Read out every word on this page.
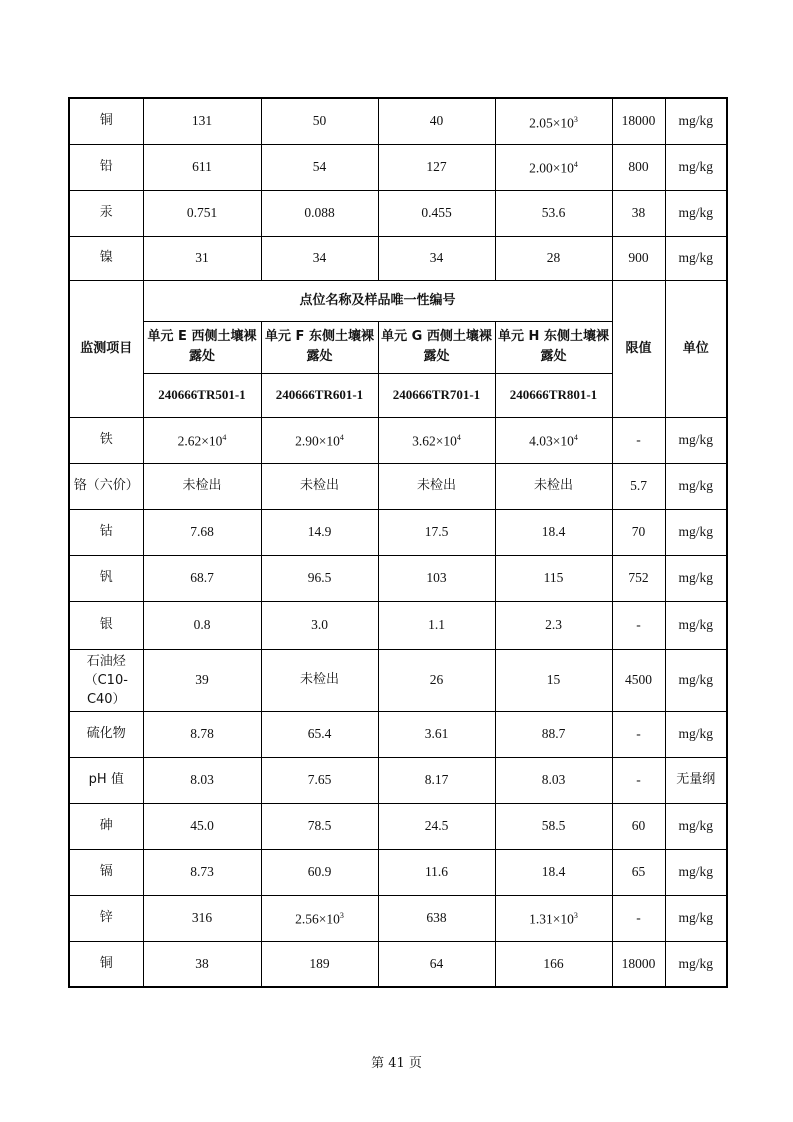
铜	131	50	40	$2.05\times 10^3$	18000	mg/kg
铅	611	54	127	$2.00\times 10^4$	800	mg/kg
汞	0.751	0.088	0.455	53.6	38	mg/kg
镍	31	34	34	28	900	mg/kg
监测项目	点位名称及样品唯一性编号				限值	单位
	单元 E 西侧土壤裸露处	单元 F 东侧土壤裸露处	单元 G 西侧土壤裸露处	单元 H 东侧土壤裸露处		
	240666TR501-1	240666TR601-1	240666TR701-1	240666TR801-1		
铁	$2.62\times 10^4$	$2.90\times 10^4$	$3.62\times 10^4$	$4.03\times 10^4$	-	mg/kg
铬（六价）	未检出	未检出	未检出	未检出	5.7	mg/kg
钴	7.68	14.9	17.5	18.4	70	mg/kg
钒	68.7	96.5	103	115	752	mg/kg
银	0.8	3.0	1.1	2.3	-	mg/kg
石油烃（C10-C40）	39	未检出	26	15	4500	mg/kg
硫化物	8.78	65.4	3.61	88.7	-	mg/kg
pH 值	8.03	7.65	8.17	8.03	-	无量纲
砷	45.0	78.5	24.5	58.5	60	mg/kg
镉	8.73	60.9	11.6	18.4	65	mg/kg
锌	316	$2.56\times 10^3$	638	$1.31\times 10^3$	-	mg/kg
铜	38	189	64	166	18000	mg/kg
第 41 页
